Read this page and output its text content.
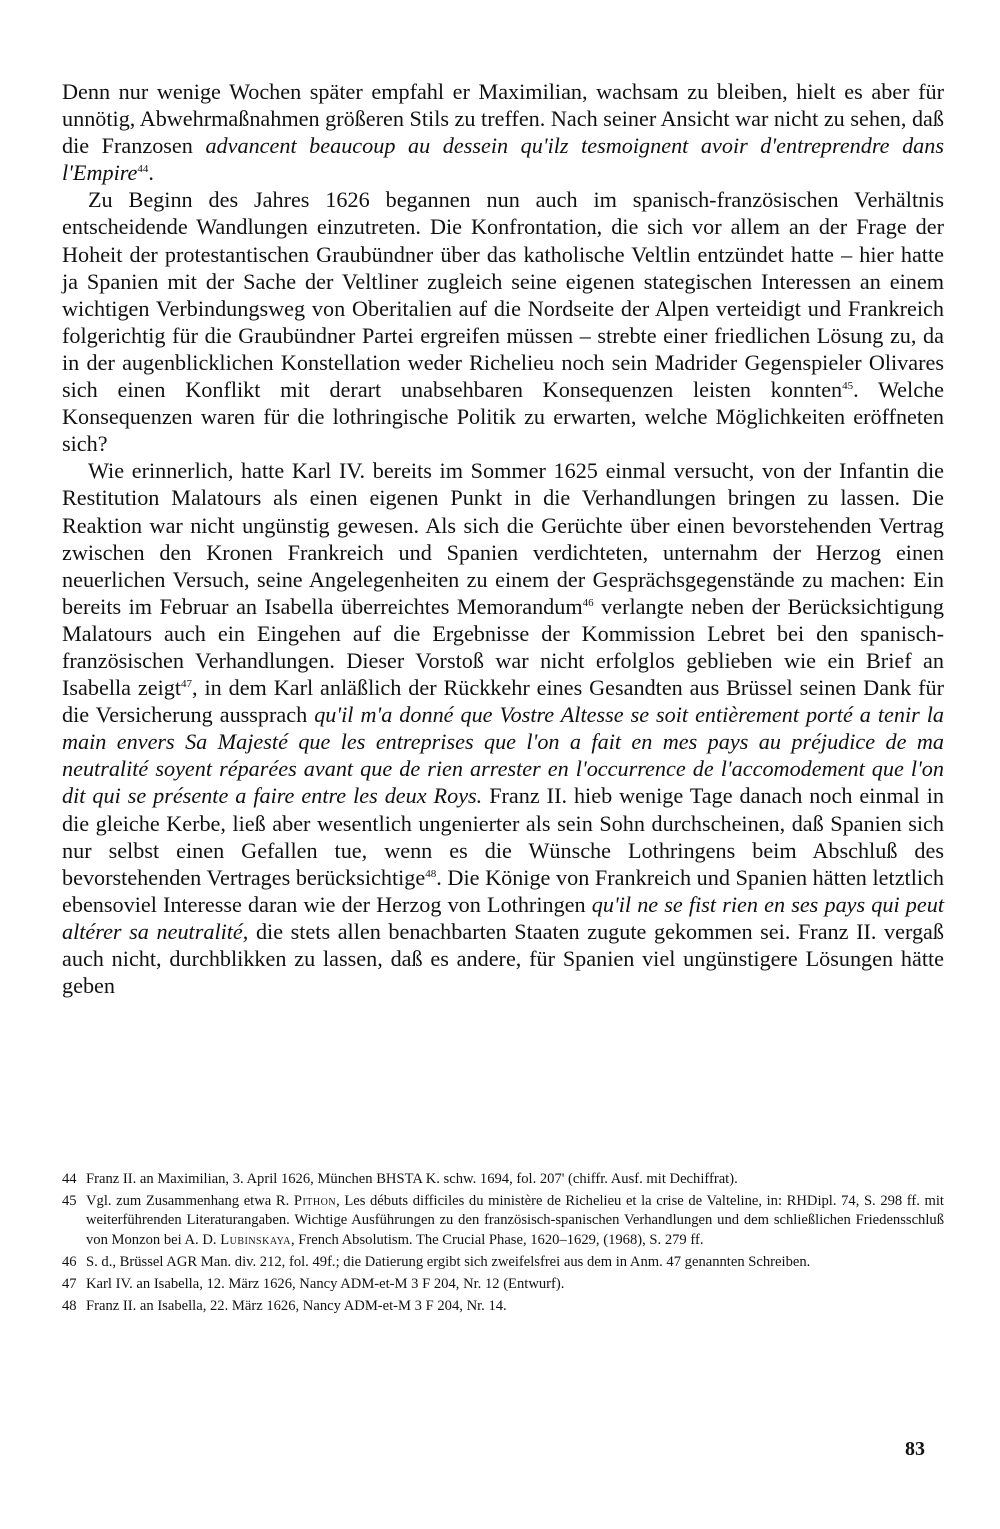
Denn nur wenige Wochen später empfahl er Maximilian, wachsam zu bleiben, hielt es aber für unnötig, Abwehrmaßnahmen größeren Stils zu treffen. Nach seiner Ansicht war nicht zu sehen, daß die Franzosen advancent beaucoup au dessein qu'ilz tesmoignent avoir d'entreprendre dans l'Empire$^{44}$.

Zu Beginn des Jahres 1626 begannen nun auch im spanisch-französischen Verhältnis entscheidende Wandlungen einzutreten. Die Konfrontation, die sich vor allem an der Frage der Hoheit der protestantischen Graubündner über das katholische Veltlin entzündet hatte – hier hatte ja Spanien mit der Sache der Veltliner zugleich seine eigenen stategischen Interessen an einem wichtigen Verbindungsweg von Oberitalien auf die Nordseite der Alpen verteidigt und Frankreich folgerichtig für die Graubündner Partei ergreifen müssen – strebte einer friedlichen Lösung zu, da in der augenblicklichen Konstellation weder Richelieu noch sein Madrider Gegenspieler Olivares sich einen Konflikt mit derart unabsehbaren Konsequenzen leisten konnten$^{45}$. Welche Konsequenzen waren für die lothringische Politik zu erwarten, welche Möglichkeiten eröffneten sich?

Wie erinnerlich, hatte Karl IV. bereits im Sommer 1625 einmal versucht, von der Infantin die Restitution Malatours als einen eigenen Punkt in die Verhandlungen bringen zu lassen. Die Reaktion war nicht ungünstig gewesen. Als sich die Gerüchte über einen bevorstehenden Vertrag zwischen den Kronen Frankreich und Spanien verdichteten, unternahm der Herzog einen neuerlichen Versuch, seine Angelegenheiten zu einem der Gesprächsgegenstände zu machen: Ein bereits im Februar an Isabella überreichtes Memorandum$^{46}$ verlangte neben der Berücksichtigung Malatours auch ein Eingehen auf die Ergebnisse der Kommission Lebret bei den spanisch-französischen Verhandlungen. Dieser Vorstoß war nicht erfolglos geblieben wie ein Brief an Isabella zeigt$^{47}$, in dem Karl anläßlich der Rückkehr eines Gesandten aus Brüssel seinen Dank für die Versicherung aussprach qu'il m'a donné que Vostre Altesse se soit entièrement porté a tenir la main envers Sa Majesté que les entreprises que l'on a fait en mes pays au préjudice de ma neutralité soyent réparées avant que de rien arrester en l'occurrence de l'accomodement que l'on dit qui se présente a faire entre les deux Roys. Franz II. hieb wenige Tage danach noch einmal in die gleiche Kerbe, ließ aber wesentlich ungenierter als sein Sohn durchscheinen, daß Spanien sich nur selbst einen Gefallen tue, wenn es die Wünsche Lothringens beim Abschluß des bevorstehenden Vertrages berücksichtige$^{48}$. Die Könige von Frankreich und Spanien hätten letztlich ebensoviel Interesse daran wie der Herzog von Lothringen qu'il ne se fist rien en ses pays qui peut altérer sa neutralité, die stets allen benachbarten Staaten zugute gekommen sei. Franz II. vergaß auch nicht, durchblikken zu lassen, daß es andere, für Spanien viel ungünstigere Lösungen hätte geben

44 Franz II. an Maximilian, 3. April 1626, München BHSTA K. schw. 1694, fol. 207' (chiffr. Ausf. mit Dechiffrat).
45 Vgl. zum Zusammenhang etwa R. Pithon, Les débuts difficiles du ministère de Richelieu et la crise de Valteline, in: RHDipl. 74, S. 298 ff. mit weiterführenden Literaturangaben. Wichtige Ausführungen zu den französisch-spanischen Verhandlungen und dem schließlichen Friedensschluß von Monzon bei A. D. Lubinskaya, French Absolutism. The Crucial Phase, 1620–1629, (1968), S. 279 ff.
46 S. d., Brüssel AGR Man. div. 212, fol. 49f.; die Datierung ergibt sich zweifelsfrei aus dem in Anm. 47 genannten Schreiben.
47 Karl IV. an Isabella, 12. März 1626, Nancy ADM-et-M 3 F 204, Nr. 12 (Entwurf).
48 Franz II. an Isabella, 22. März 1626, Nancy ADM-et-M 3 F 204, Nr. 14.
83
